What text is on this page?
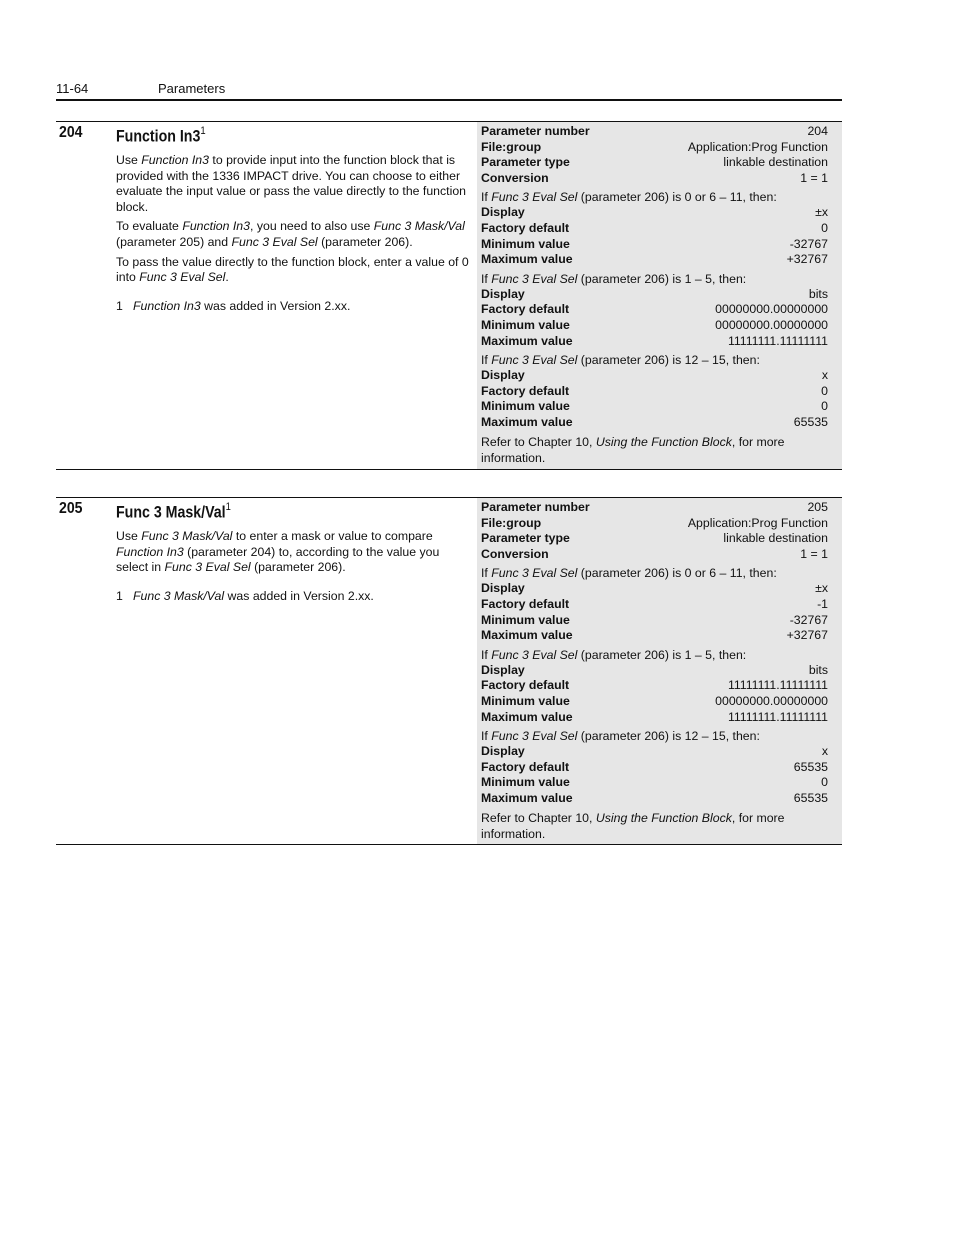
11-64	Parameters
204 Function $In3^1$

Use Function In3 to provide input into the function block that is provided with the 1336 IMPACT drive. You can choose to either evaluate the input value or pass the value directly to the function block.

To evaluate Function In3, you need to also use Func 3 Mask/Val (parameter 205) and Func 3 Eval Sel (parameter 206).

To pass the value directly to the function block, enter a value of 0 into Func 3 Eval Sel.

1 Function In3 was added in Version 2.xx.

Parameter number	204
File:group	Application:Prog Function
Parameter type	linkable destination
Conversion	1 = 1
If Func 3 Eval Sel (parameter 206) is 0 or 6 – 11, then:
Display	±x
Factory default	0
Minimum value	-32767
Maximum value	+32767
If Func 3 Eval Sel (parameter 206) is 1 – 5, then:
Display	bits
Factory default	00000000.00000000
Minimum value	00000000.00000000
Maximum value	11111111.11111111
If Func 3 Eval Sel (parameter 206) is 12 – 15, then:
Display	x
Factory default	0
Minimum value	0
Maximum value	65535
Refer to Chapter 10, Using the Function Block, for more information.
205 Func 3 Mask/Val$^1$

Use Func 3 Mask/Val to enter a mask or value to compare Function In3 (parameter 204) to, according to the value you select in Func 3 Eval Sel (parameter 206).

1 Func 3 Mask/Val was added in Version 2.xx.

Parameter number	205
File:group	Application:Prog Function
Parameter type	linkable destination
Conversion	1 = 1
If Func 3 Eval Sel (parameter 206) is 0 or 6 – 11, then:
Display	±x
Factory default	-1
Minimum value	-32767
Maximum value	+32767
If Func 3 Eval Sel (parameter 206) is 1 – 5, then:
Display	bits
Factory default	11111111.11111111
Minimum value	00000000.00000000
Maximum value	11111111.11111111
If Func 3 Eval Sel (parameter 206) is 12 – 15, then:
Display	x
Factory default	65535
Minimum value	0
Maximum value	65535
Refer to Chapter 10, Using the Function Block, for more information.
